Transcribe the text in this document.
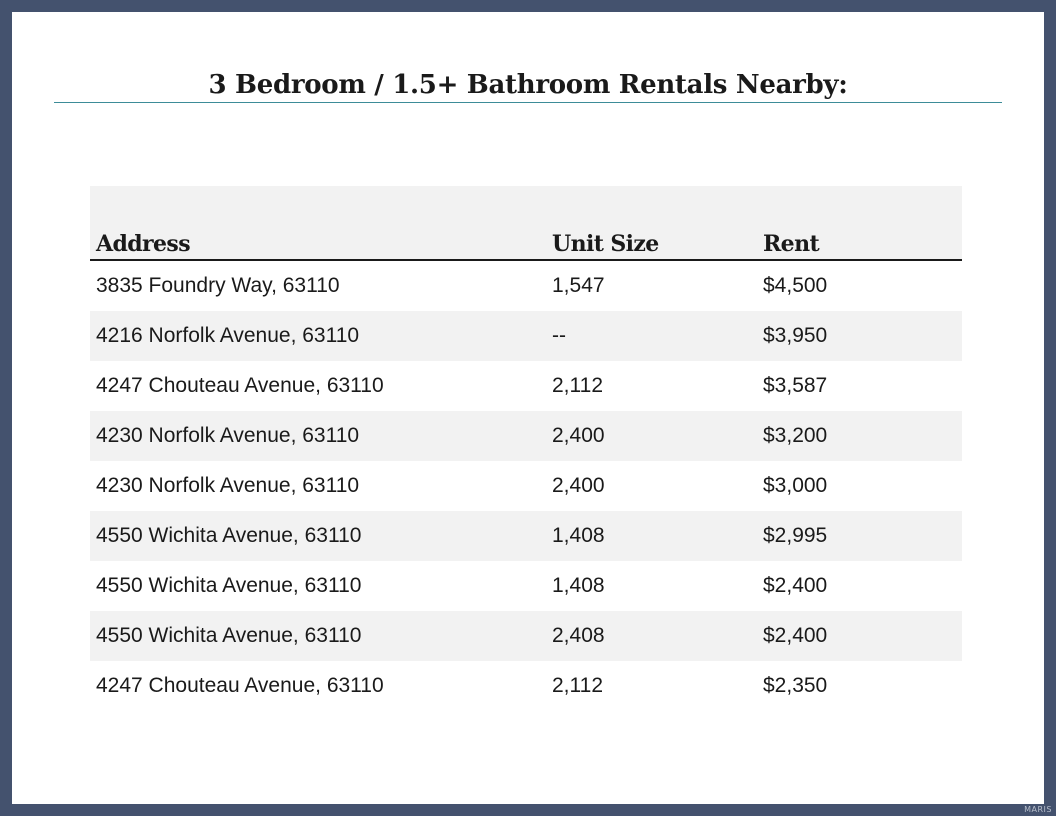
3 Bedroom / 1.5+ Bathroom Rentals Nearby:
Address	Unit Size	Rent
3835 Foundry Way, 63110	1,547	$4,500
4216 Norfolk Avenue, 63110	--	$3,950
4247 Chouteau Avenue, 63110	2,112	$3,587
4230 Norfolk Avenue, 63110	2,400	$3,200
4230 Norfolk Avenue, 63110	2,400	$3,000
4550 Wichita Avenue, 63110	1,408	$2,995
4550 Wichita Avenue, 63110	1,408	$2,400
4550 Wichita Avenue, 63110	2,408	$2,400
4247 Chouteau Avenue, 63110	2,112	$2,350
MARIS
